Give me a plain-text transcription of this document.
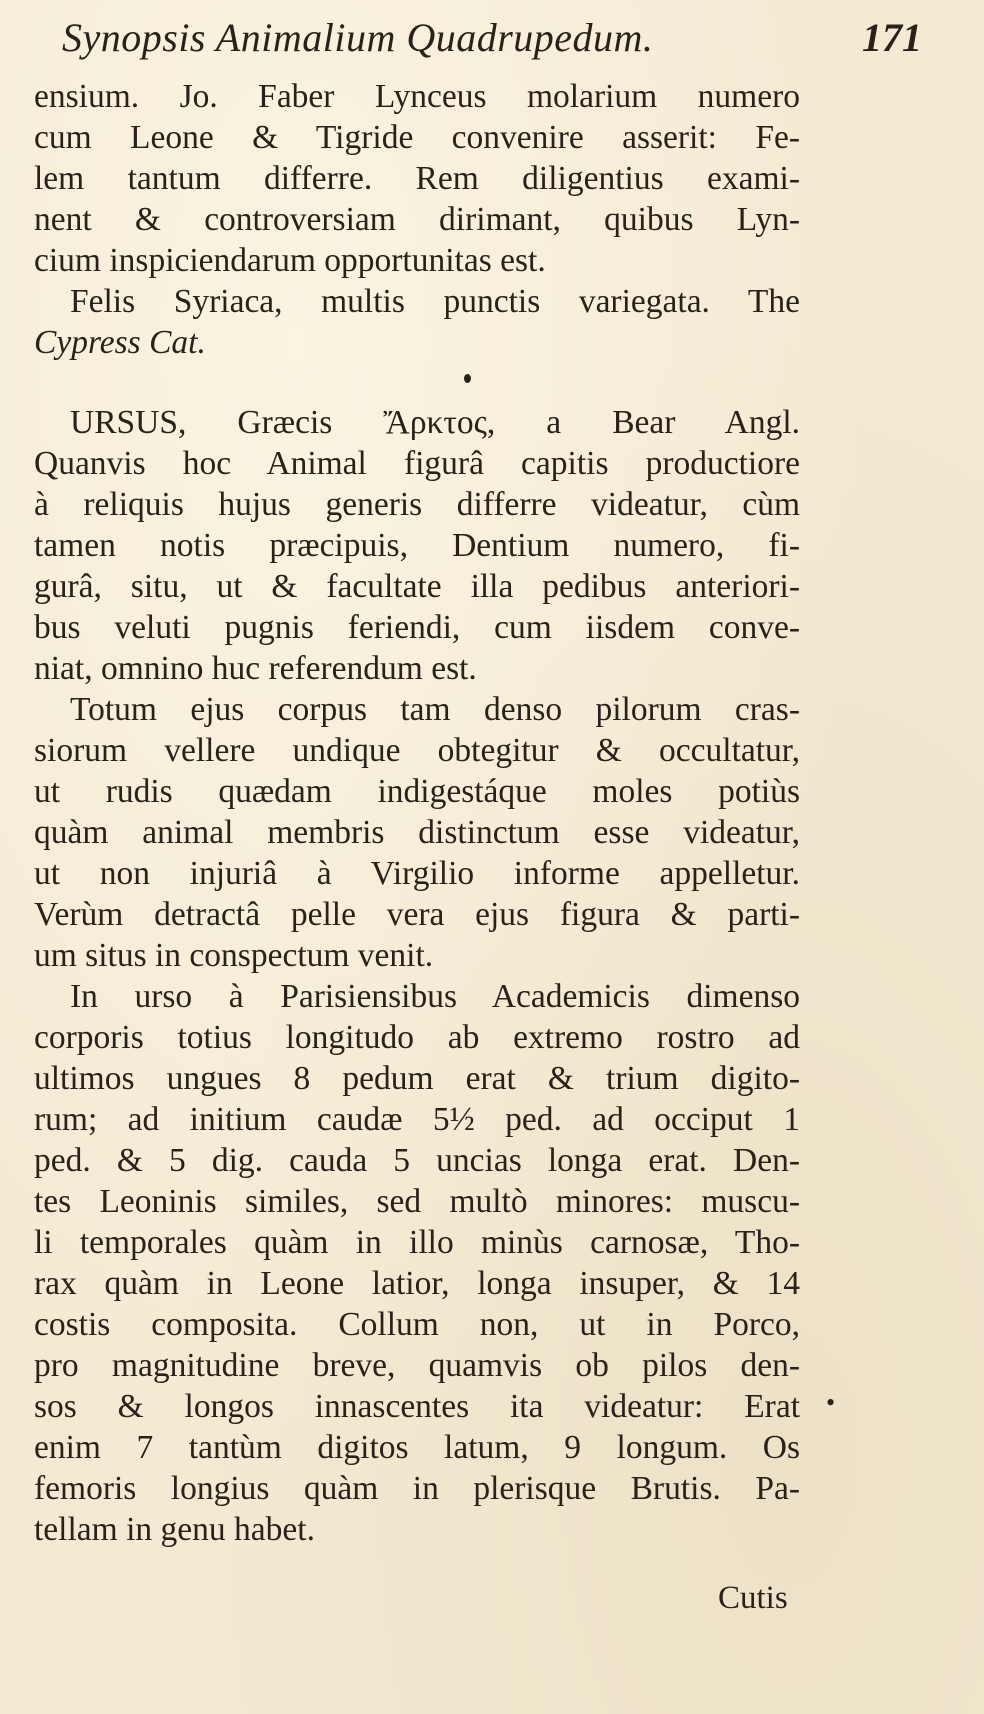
Synopsis Animalium Quadrupedum.	171
ensium. Jo. Faber Lynceus molarium numero
cum Leone & Tigride convenire asserit: Fe-
lem tantum differre. Rem diligentius exami-
nent & controversiam dirimant, quibus Lyn-
cium inspiciendarum opportunitas est.
Felis Syriaca, multis punctis variegata. The
Cypress Cat.
URSUS, Græcis Ἄρκτος, a Bear Angl.
Quanvis hoc Animal figurâ capitis productiore
à reliquis hujus generis differre videatur, cùm
tamen notis præcipuis, Dentium numero, fi-
gurâ, situ, ut & facultate illa pedibus anteriori-
bus veluti pugnis feriendi, cum iisdem conve-
niat, omnino huc referendum est.
Totum ejus corpus tam denso pilorum cras-
siorum vellere undique obtegitur & occultatur,
ut rudis quædam indigestáque moles potiùs
quàm animal membris distinctum esse videatur,
ut non injuriâ à Virgilio informe appelletur.
Verùm detractâ pelle vera ejus figura & parti-
um situs in conspectum venit.
In urso à Parisiensibus Academicis dimenso
corporis totius longitudo ab extremo rostro ad
ultimos ungues 8 pedum erat & trium digito-
rum; ad initium caudæ 5½ ped. ad occiput 1
ped. & 5 dig. cauda 5 uncias longa erat. Den-
tes Leoninis similes, sed multò minores: muscu-
li temporales quàm in illo minùs carnosæ, Tho-
rax quàm in Leone latior, longa insuper, & 14
costis composita. Collum non, ut in Porco,
pro magnitudine breve, quamvis ob pilos den-
sos & longos innascentes ita videatur: Erat
enim 7 tantùm digitos latum, 9 longum. Os
femoris longius quàm in plerisque Brutis. Pa-
tellam in genu habet.
•
Cutis
